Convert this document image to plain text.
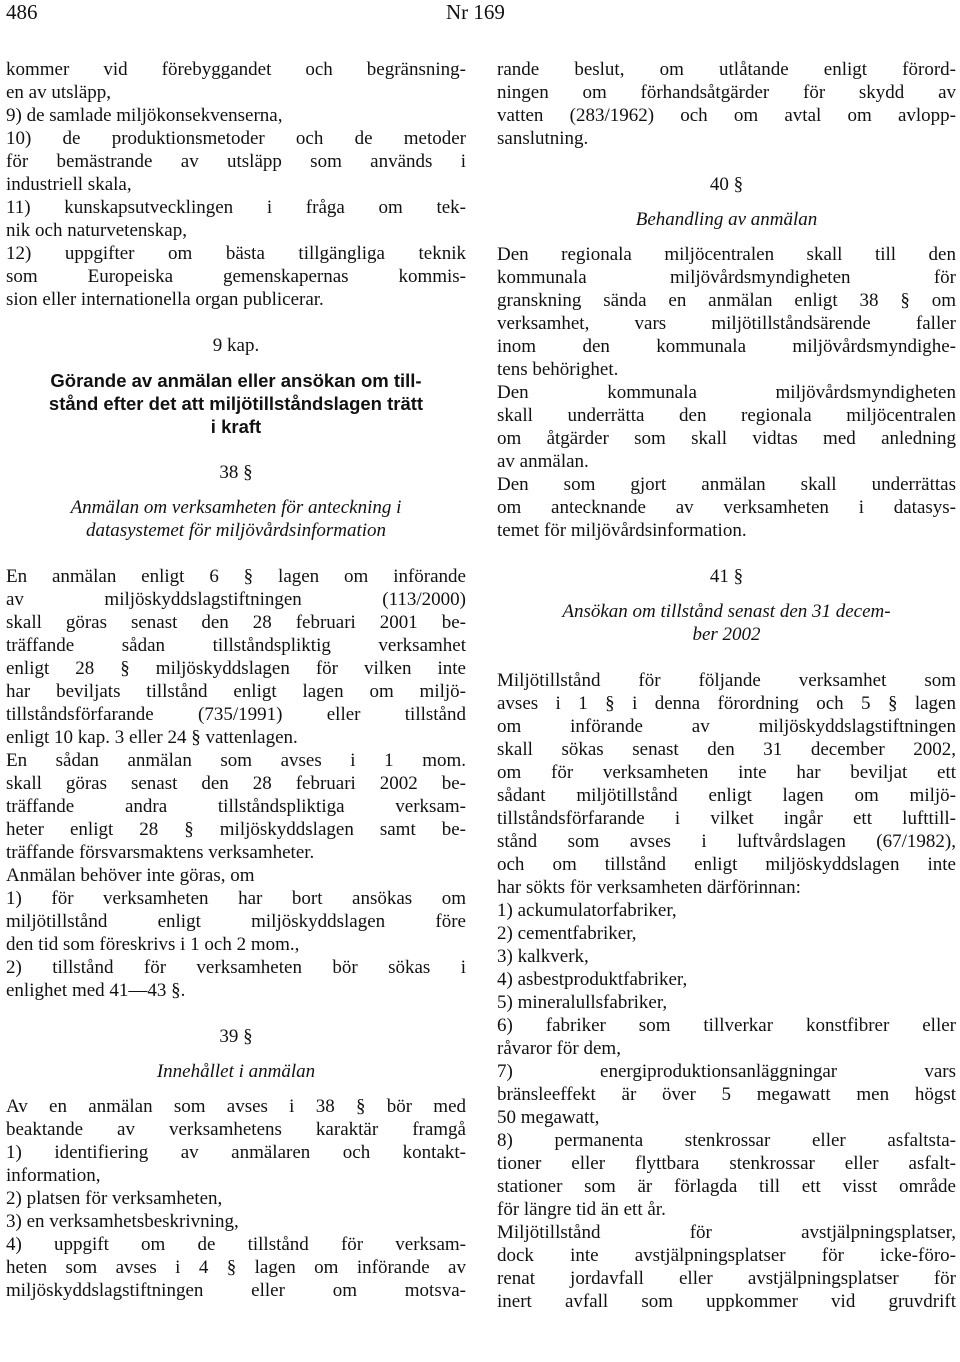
486	Nr 169
kommer vid förebyggandet och begränsning-
en av utsläpp,
9) de samlade miljökonsekvenserna,
10) de produktionsmetoder och de metoder
för bemästrande av utsläpp som används i
industriell skala,
11) kunskapsutvecklingen i fråga om tek-
nik och naturvetenskap,
12) uppgifter om bästa tillgängliga teknik
som Europeiska gemenskapernas kommis-
sion eller internationella organ publicerar.
9 kap.
Görande av anmälan eller ansökan om till-
stånd efter det att miljötillståndslagen trätt
i kraft
38 §
Anmälan om verksamheten för anteckning i
datasystemet för miljövårdsinformation
En anmälan enligt 6 § lagen om införande
av miljöskyddslagstiftningen (113/2000)
skall göras senast den 28 februari 2001 be-
träffande sådan tillståndspliktig verksamhet
enligt 28 § miljöskyddslagen för vilken inte
har beviljats tillstånd enligt lagen om miljö-
tillståndsförfarande (735/1991) eller tillstånd
enligt 10 kap. 3 eller 24 § vattenlagen.
En sådan anmälan som avses i 1 mom.
skall göras senast den 28 februari 2002 be-
träffande andra tillståndspliktiga verksam-
heter enligt 28 § miljöskyddslagen samt be-
träffande försvarsmaktens verksamheter.
Anmälan behöver inte göras, om
1) för verksamheten har bort ansökas om
miljötillstånd enligt miljöskyddslagen före
den tid som föreskrivs i 1 och 2 mom.,
2) tillstånd för verksamheten bör sökas i
enlighet med 41—43 §.
39 §
Innehållet i anmälan
Av en anmälan som avses i 38 § bör med
beaktande av verksamhetens karaktär framgå
1) identifiering av anmälaren och kontakt-
information,
2) platsen för verksamheten,
3) en verksamhetsbeskrivning,
4) uppgift om de tillstånd för verksam-
heten som avses i 4 § lagen om införande av
miljöskyddslagstiftningen eller om motsva-
rande beslut, om utlåtande enligt förord-
ningen om förhandsåtgärder för skydd av
vatten (283/1962) och om avtal om avlopp-
sanslutning.
40 §
Behandling av anmälan
Den regionala miljöcentralen skall till den
kommunala miljövårdsmyndigheten för
granskning sända en anmälan enligt 38 § om
verksamhet, vars miljötillståndsärende faller
inom den kommunala miljövårdsmyndighe-
tens behörighet.
Den kommunala miljövårdsmyndigheten
skall underrätta den regionala miljöcentralen
om åtgärder som skall vidtas med anledning
av anmälan.
Den som gjort anmälan skall underrättas
om antecknande av verksamheten i datasys-
temet för miljövårdsinformation.
41 §
Ansökan om tillstånd senast den 31 decem-
ber 2002
Miljötillstånd för följande verksamhet som
avses i 1 § i denna förordning och 5 § lagen
om införande av miljöskyddslagstiftningen
skall sökas senast den 31 december 2002,
om för verksamheten inte har beviljat ett
sådant miljötillstånd enligt lagen om miljö-
tillståndsförfarande i vilket ingår ett lufttill-
stånd som avses i luftvårdslagen (67/1982),
och om tillstånd enligt miljöskyddslagen inte
har sökts för verksamheten därförinnan:
1) ackumulatorfabriker,
2) cementfabriker,
3) kalkverk,
4) asbestproduktfabriker,
5) mineralullsfabriker,
6) fabriker som tillverkar konstfibrer eller
råvaror för dem,
7) energiproduktionsanläggningar vars
bränsleeffekt är över 5 megawatt men högst
50 megawatt,
8) permanenta stenkrossar eller asfaltsta-
tioner eller flyttbara stenkrossar eller asfalt-
stationer som är förlagda till ett visst område
för längre tid än ett år.
Miljötillstånd för avstjälpningsplatser,
dock inte avstjälpningsplatser för icke-föro-
renat jordavfall eller avstjälpningsplatser för
inert avfall som uppkommer vid gruvdrift
